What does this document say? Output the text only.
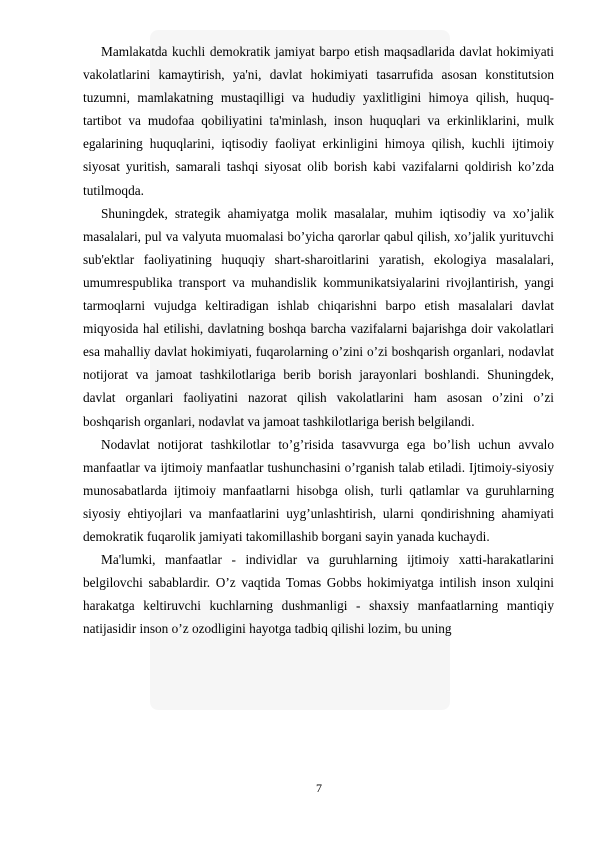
Mamlakatda kuchli demokratik jamiyat barpo etish maqsadlarida davlat hokimiyati vakolatlarini kamaytirish, ya'ni, davlat hokimiyati tasarrufida asosan konstitutsion tuzumni, mamlakatning mustaqilligi va hududiy yaxlitligini himoya qilish, huquq-tartibot va mudofaa qobiliyatini ta'minlash, inson huquqlari va erkinliklarini, mulk egalarining huquqlarini, iqtisodiy faoliyat erkinligini himoya qilish, kuchli ijtimoiy siyosat yuritish, samarali tashqi siyosat olib borish kabi vazifalarni qoldirish ko’zda tutilmoqda.

Shuningdek, strategik ahamiyatga molik masalalar, muhim iqtisodiy va xo’jalik masalalari, pul va valyuta muomalasi bo’yicha qarorlar qabul qilish, xo’jalik yurituvchi sub'ektlar faoliyatining huquqiy shart-sharoitlarini yaratish, ekologiya masalalari, umumrespublika transport va muhandislik kommunikatsiyalarini rivojlantirish, yangi tarmoqlarni vujudga keltiradigan ishlab chiqarishni barpo etish masalalari davlat miqyosida hal etilishi, davlatning boshqa barcha vazifalarni bajarishga doir vakolatlari esa mahalliy davlat hokimiyati, fuqarolarning o’zini o’zi boshqarish organlari, nodavlat notijorat va jamoat tashkilotlariga berib borish jarayonlari boshlandi. Shuningdek, davlat organlari faoliyatini nazorat qilish vakolatlarini ham asosan o’zini o’zi boshqarish organlari, nodavlat va jamoat tashkilotlariga berish belgilandi.

Nodavlat notijorat tashkilotlar to’g’risida tasavvurga ega bo’lish uchun avvalo manfaatlar va ijtimoiy manfaatlar tushunchasini o’rganish talab etiladi. Ijtimoiy-siyosiy munosabatlarda ijtimoiy manfaatlarni hisobga olish, turli qatlamlar va guruhlarning siyosiy ehtiyojlari va manfaatlarini uyg’unlashtirish, ularni qondirishning ahamiyati demokratik fuqarolik jamiyati takomillashib borgani sayin yanada kuchaydi.

Ma'lumki, manfaatlar - individlar va guruhlarning ijtimoiy xatti-harakatlarini belgilovchi sabablardir. O’z vaqtida Tomas Gobbs hokimiyatga intilish inson xulqini harakatga keltiruvchi kuchlarning dushmanligi - shaxsiy manfaatlarning mantiqiy natijasidir inson o’z ozodligini hayotga tadbiq qilishi lozim, bu uning

7
